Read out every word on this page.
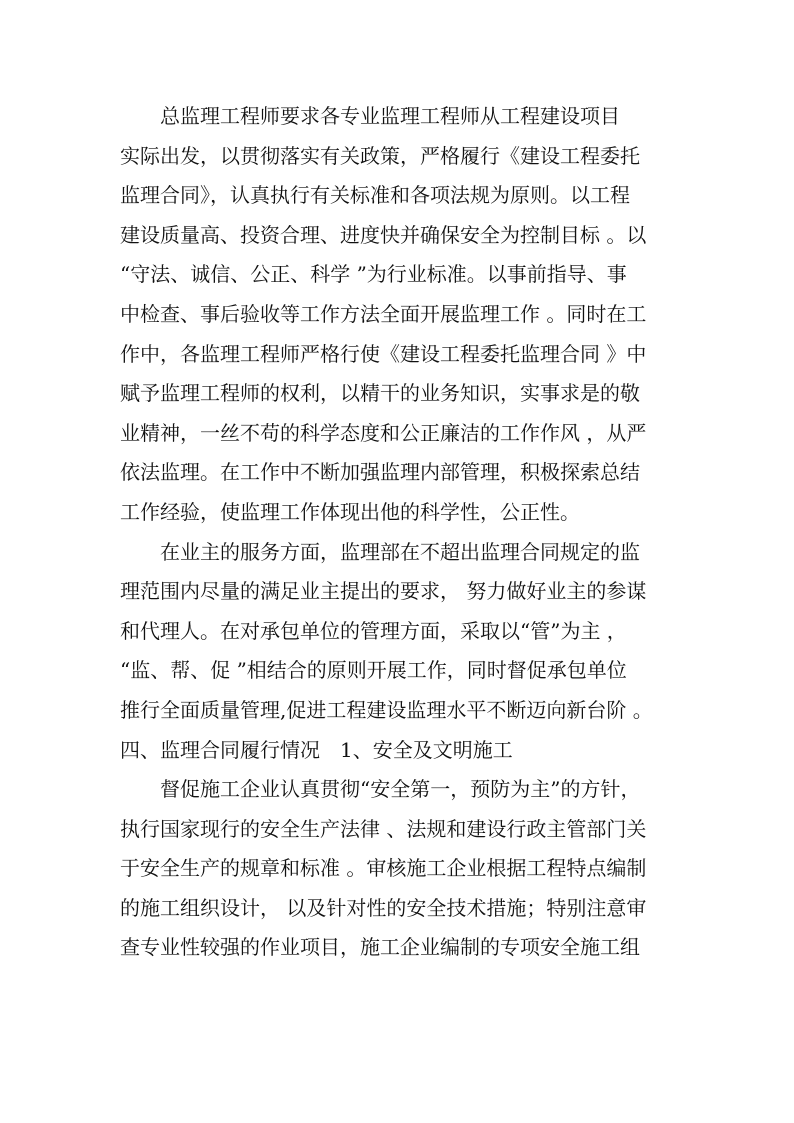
总监理工程师要求各专业监理工程师从工程建设项目
实际出发，以贯彻落实有关政策，严格履行《建设工程委托
监理合同》，认真执行有关标准和各项法规为原则。以工程
建设质量高、投资合理、进度快并确保安全为控制目标 。以
“守法、诚信、公正、科学 ”为行业标准。以事前指导、事
中检查、事后验收等工作方法全面开展监理工作 。同时在工
作中，各监理工程师严格行使《建设工程委托监理合同 》中
赋予监理工程师的权利，以精干的业务知识，实事求是的敬
业精神，一丝不苟的科学态度和公正廉洁的工作作风 ，从严
依法监理。在工作中不断加强监理内部管理，积极探索总结
工作经验，使监理工作体现出他的科学性，公正性。
在业主的服务方面，监理部在不超出监理合同规定的监
理范围内尽量的满足业主提出的要求， 努力做好业主的参谋
和代理人。在对承包单位的管理方面，采取以“管”为主 ，
“监、帮、促 ”相结合的原则开展工作，同时督促承包单位
推行全面质量管理,促进工程建设监理水平不断迈向新台阶 。
四、监理合同履行情况　1、安全及文明施工
督促施工企业认真贯彻“安全第一，预防为主”的方针，
执行国家现行的安全生产法律 、法规和建设行政主管部门关
于安全生产的规章和标准 。审核施工企业根据工程特点编制
的施工组织设计， 以及针对性的安全技术措施；特别注意审
查专业性较强的作业项目，施工企业编制的专项安全施工组
